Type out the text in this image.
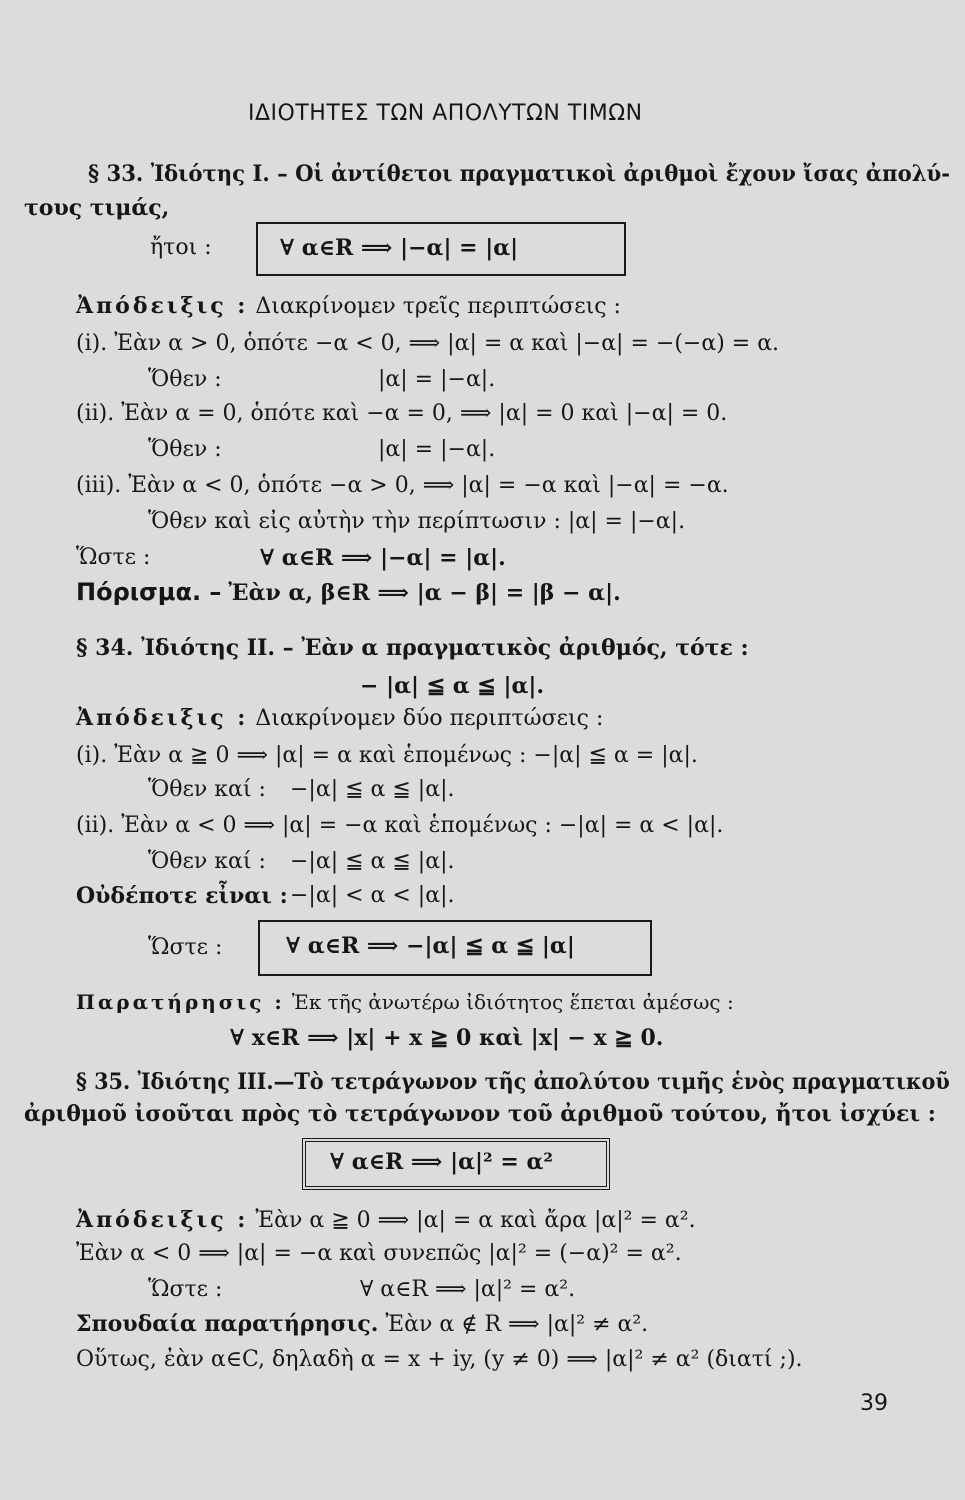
ΙΔΙΟΤΗΤΕΣ ΤΩΝ ΑΠΟΛΥΤΩΝ ΤΙΜΩΝ
§ 33. Ἰδιότης Ι. – Οἱ ἀντίθετοι πραγματικοὶ ἀριθμοὶ ἔχουν ἴσας ἀπολύ-
τους τιμάς,
ἤτοι :	∀ α∈R ⟹ |−α| = |α|
Ἀπόδειξις : Διακρίνομεν τρεῖς περιπτώσεις :
(i). Ἐὰν α > 0, ὁπότε −α < 0, ⟹ |α| = α καὶ |−α| = −(−α) = α.
Ὅθεν :	|α| = |−α|.
(ii). Ἐὰν α = 0, ὁπότε καὶ −α = 0, ⟹ |α| = 0 καὶ |−α| = 0.
Ὅθεν :	|α| = |−α|.
(iii). Ἐὰν α < 0, ὁπότε −α > 0, ⟹ |α| = −α καὶ |−α| = −α.
Ὅθεν καὶ εἰς αὐτὴν τὴν περίπτωσιν : |α| = |−α|.
Ὥστε :	∀ α∈R ⟹ |−α| = |α|.
Πόρισμα. – Ἐὰν α, β∈R ⟹ |α − β| = |β − α|.
§ 34. Ἰδιότης ΙΙ. – Ἐὰν α πραγματικὸς ἀριθμός, τότε :
− |α| ≦ α ≦ |α|.
Ἀπόδειξις : Διακρίνομεν δύο περιπτώσεις :
(i). Ἐὰν α ≧ 0 ⟹ |α| = α καὶ ἑπομένως : −|α| ≦ α = |α|.
Ὅθεν καί : −|α| ≦ α ≦ |α|.
(ii). Ἐὰν α < 0 ⟹ |α| = −α καὶ ἑπομένως : −|α| = α < |α|.
Ὅθεν καί : −|α| ≦ α ≦ |α|.
Οὐδέποτε εἶναι : −|α| < α < |α|.
Ὥστε :	∀ α∈R ⟹ −|α| ≦ α ≦ |α|
Παρατήρησις : Ἐκ τῆς ἀνωτέρω ἰδιότητος ἕπεται ἀμέσως :
∀ x∈R ⟹ |x| + x ≧ 0 καὶ |x| − x ≧ 0.
§ 35. Ἰδιότης ΙΙΙ.—Τὸ τετράγωνον τῆς ἀπολύτου τιμῆς ἑνὸς πραγματικοῦ
ἀριθμοῦ ἰσοῦται πρὸς τὸ τετράγωνον τοῦ ἀριθμοῦ τούτου, ἤτοι ἰσχύει :
∀ α∈R ⟹ |α|² = α²
Ἀπόδειξις : Ἐὰν α ≧ 0 ⟹ |α| = α καὶ ἄρα |α|² = α².
Ἐὰν α < 0 ⟹ |α| = −α καὶ συνεπῶς |α|² = (−α)² = α².
Ὥστε :	∀ α∈R ⟹ |α|² = α².
Σπουδαία παρατήρησις. Ἐὰν α ∉ R ⟹ |α|² ≠ α².
Οὕτως, ἐὰν α∈C, δηλαδὴ α = x + iy, (y ≠ 0) ⟹ |α|² ≠ α² (διατί ;).
39
